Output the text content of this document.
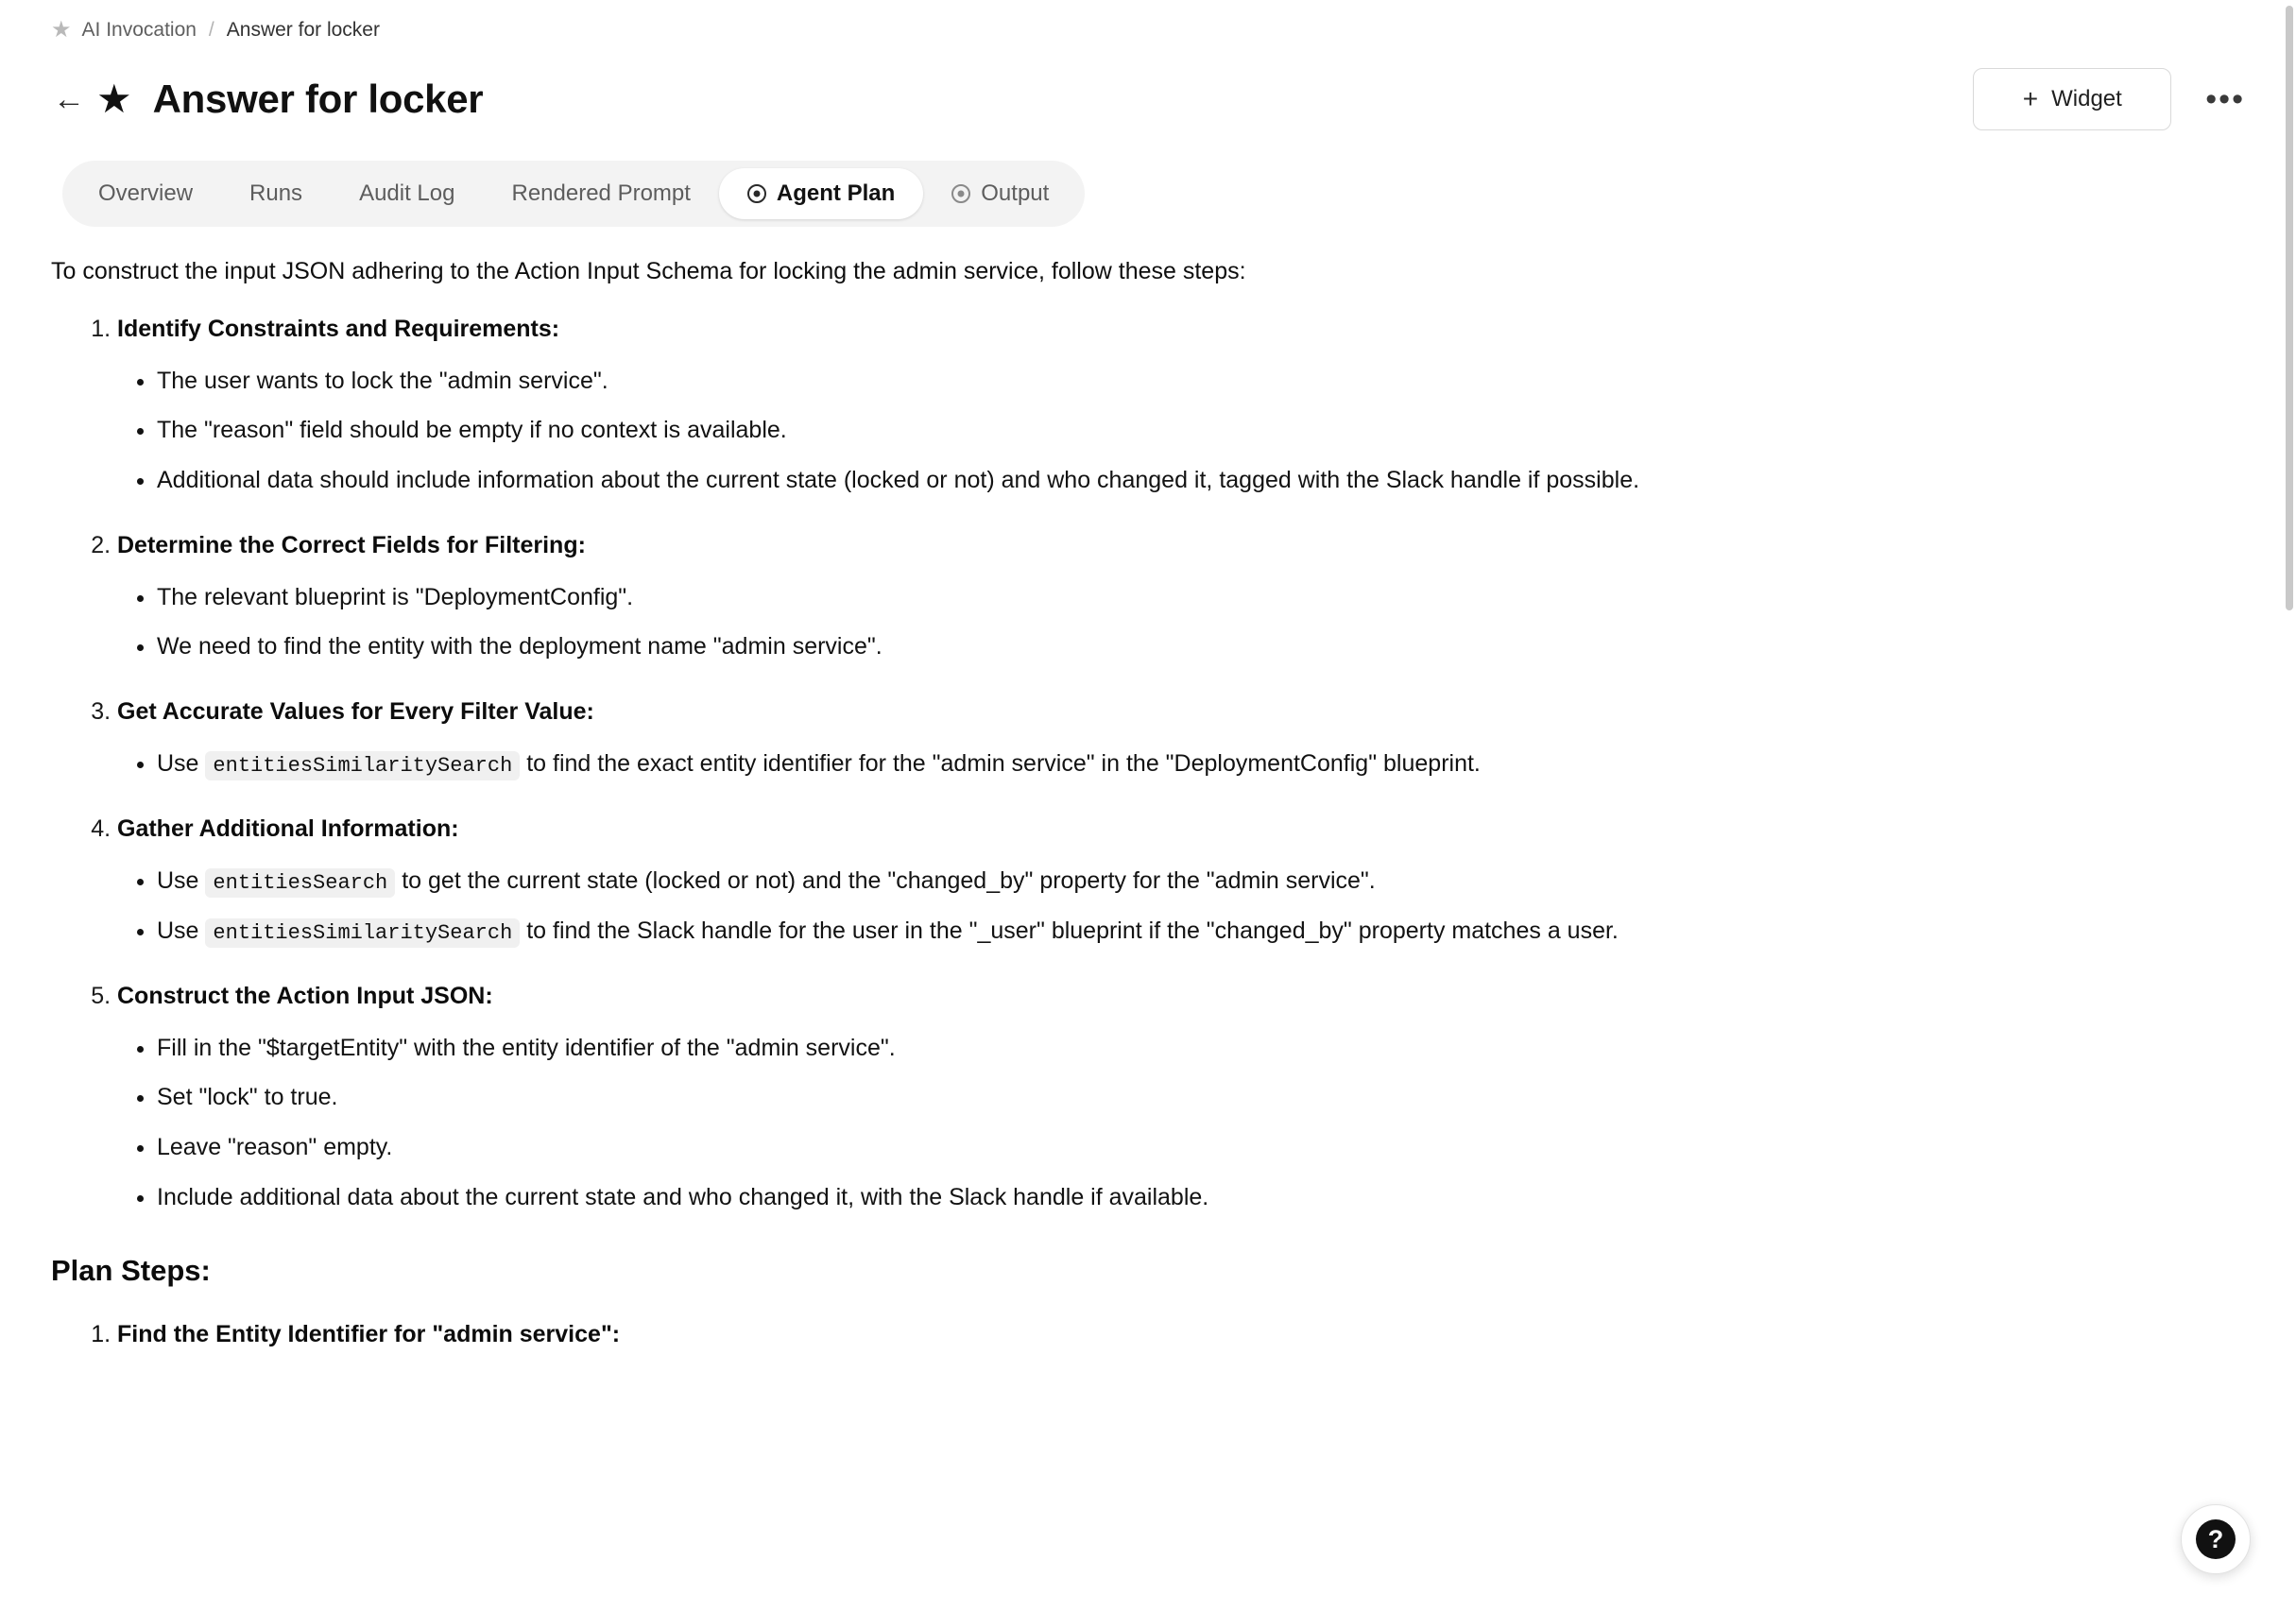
★ AI Invocation / Answer for locker
← ★ Answer for locker	+ Widget	•••
Overview	Runs	Audit Log	Rendered Prompt	Agent Plan	Output

To construct the input JSON adhering to the Action Input Schema for locking the admin service, follow these steps:

1. Identify Constraints and Requirements:
• The user wants to lock the "admin service".
• The "reason" field should be empty if no context is available.
• Additional data should include information about the current state (locked or not) and who changed it, tagged with the Slack handle if possible.
2. Determine the Correct Fields for Filtering:
• The relevant blueprint is "DeploymentConfig".
• We need to find the entity with the deployment name "admin service".
3. Get Accurate Values for Every Filter Value:
• Use entitiesSimilaritySearch to find the exact entity identifier for the "admin service" in the "DeploymentConfig" blueprint.
4. Gather Additional Information:
• Use entitiesSearch to get the current state (locked or not) and the "changed_by" property for the "admin service".
• Use entitiesSimilaritySearch to find the Slack handle for the user in the "_user" blueprint if the "changed_by" property matches a user.
5. Construct the Action Input JSON:
• Fill in the "$targetEntity" with the entity identifier of the "admin service".
• Set "lock" to true.
• Leave "reason" empty.
• Include additional data about the current state and who changed it, with the Slack handle if available.
Plan Steps:
1. Find the Entity Identifier for "admin service":
?
